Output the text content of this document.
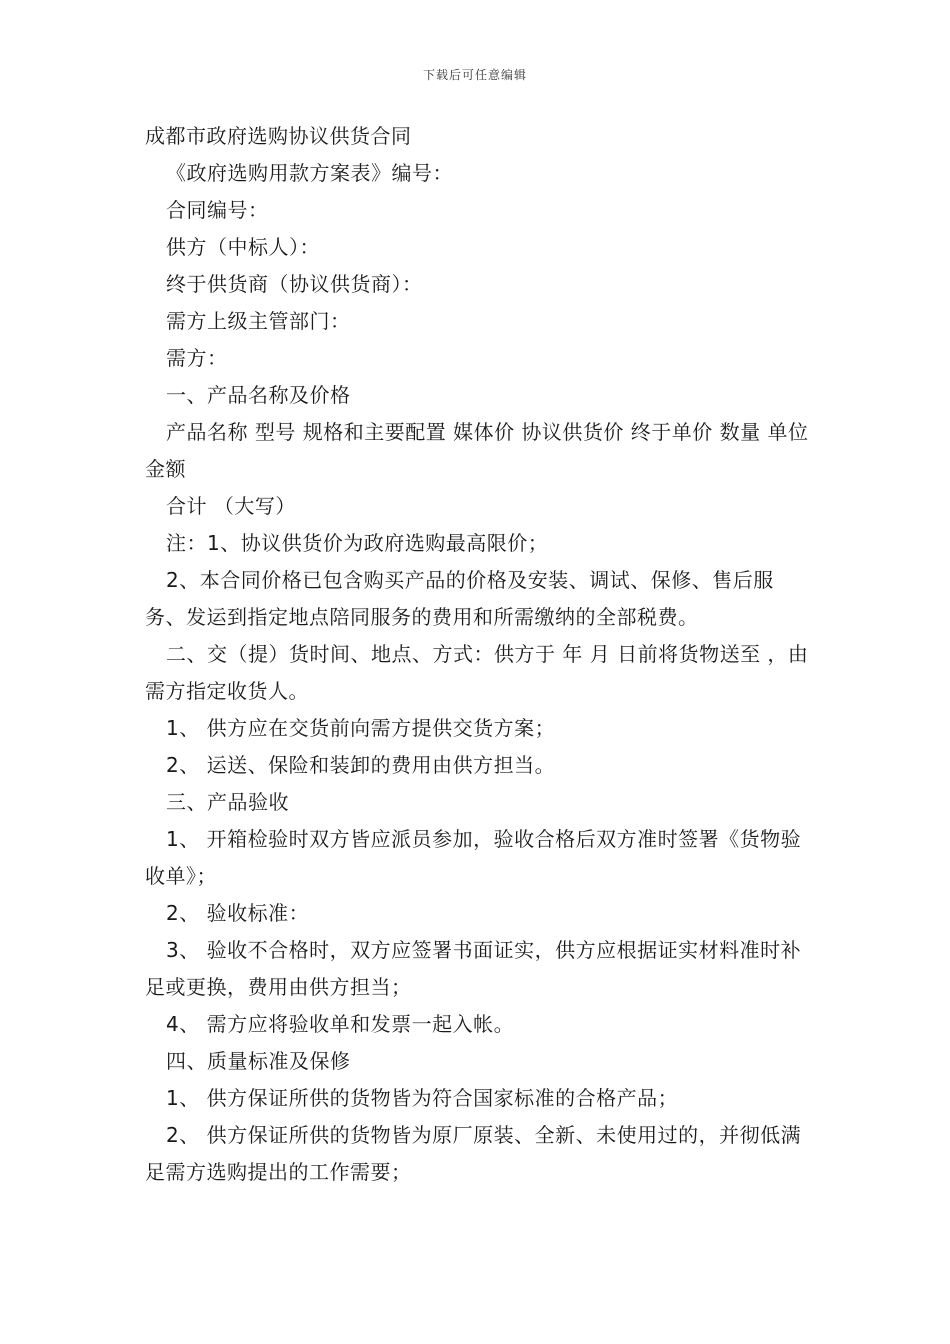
下载后可任意编辑

成都市政府选购协议供货合同

《政府选购用款方案表》编号：

合同编号：

供方（中标人）：

终于供货商（协议供货商）：

需方上级主管部门：

需方：

一、产品名称及价格

产品名称 型号 规格和主要配置 媒体价 协议供货价 终于单价 数量 单位 金额

合计 （大写）

注：1、协议供货价为政府选购最高限价；

2、本合同价格已包含购买产品的价格及安装、调试、保修、售后服务、发运到指定地点陪同服务的费用和所需缴纳的全部税费。

二、交（提）货时间、地点、方式：供方于 年 月 日前将货物送至 ，由需方指定收货人。

1、 供方应在交货前向需方提供交货方案；

2、 运送、保险和装卸的费用由供方担当。

三、产品验收

1、 开箱检验时双方皆应派员参加，验收合格后双方准时签署《货物验收单》；

2、 验收标准：

3、 验收不合格时，双方应签署书面证实，供方应根据证实材料准时补足或更换，费用由供方担当；

4、 需方应将验收单和发票一起入帐。

四、质量标准及保修

1、 供方保证所供的货物皆为符合国家标准的合格产品；

2、 供方保证所供的货物皆为原厂原装、全新、未使用过的，并彻低满足需方选购提出的工作需要；
